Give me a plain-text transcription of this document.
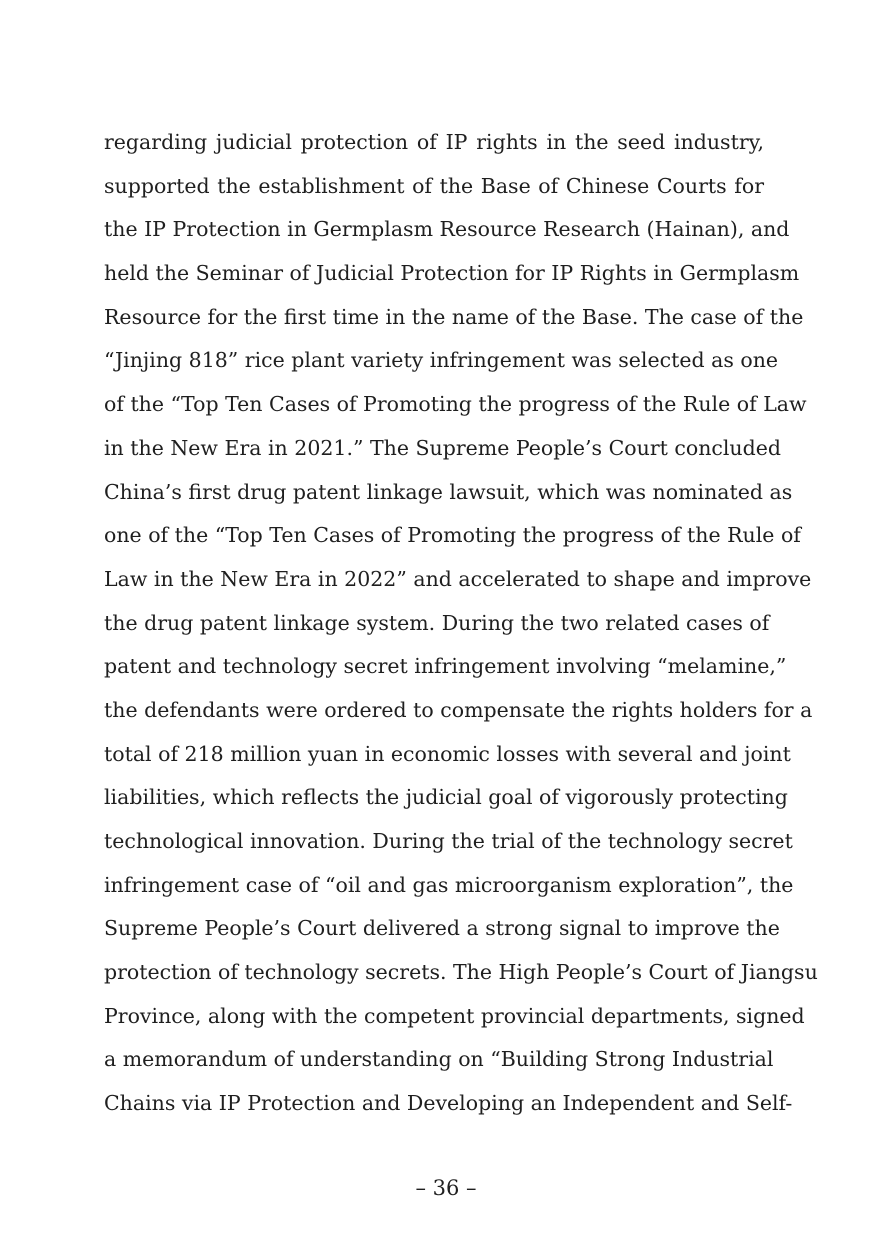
regarding judicial protection of IP rights in the seed industry,
supported the establishment of the Base of Chinese Courts for
the IP Protection in Germplasm Resource Research (Hainan), and
held the Seminar of Judicial Protection for IP Rights in Germplasm
Resource for the first time in the name of the Base. The case of the
“Jinjing 818” rice plant variety infringement was selected as one
of the “Top Ten Cases of Promoting the progress of the Rule of Law
in the New Era in 2021.” The Supreme People’s Court concluded
China’s first drug patent linkage lawsuit, which was nominated as
one of the “Top Ten Cases of Promoting the progress of the Rule of
Law in the New Era in 2022” and accelerated to shape and improve
the drug patent linkage system. During the two related cases of
patent and technology secret infringement involving “melamine,”
the defendants were ordered to compensate the rights holders for a
total of 218 million yuan in economic losses with several and joint
liabilities, which reflects the judicial goal of vigorously protecting
technological innovation. During the trial of the technology secret
infringement case of “oil and gas microorganism exploration”, the
Supreme People’s Court delivered a strong signal to improve the
protection of technology secrets. The High People’s Court of Jiangsu
Province, along with the competent provincial departments, signed
a memorandum of understanding on “Building Strong Industrial
Chains via IP Protection and Developing an Independent and Self-
– 36 –
